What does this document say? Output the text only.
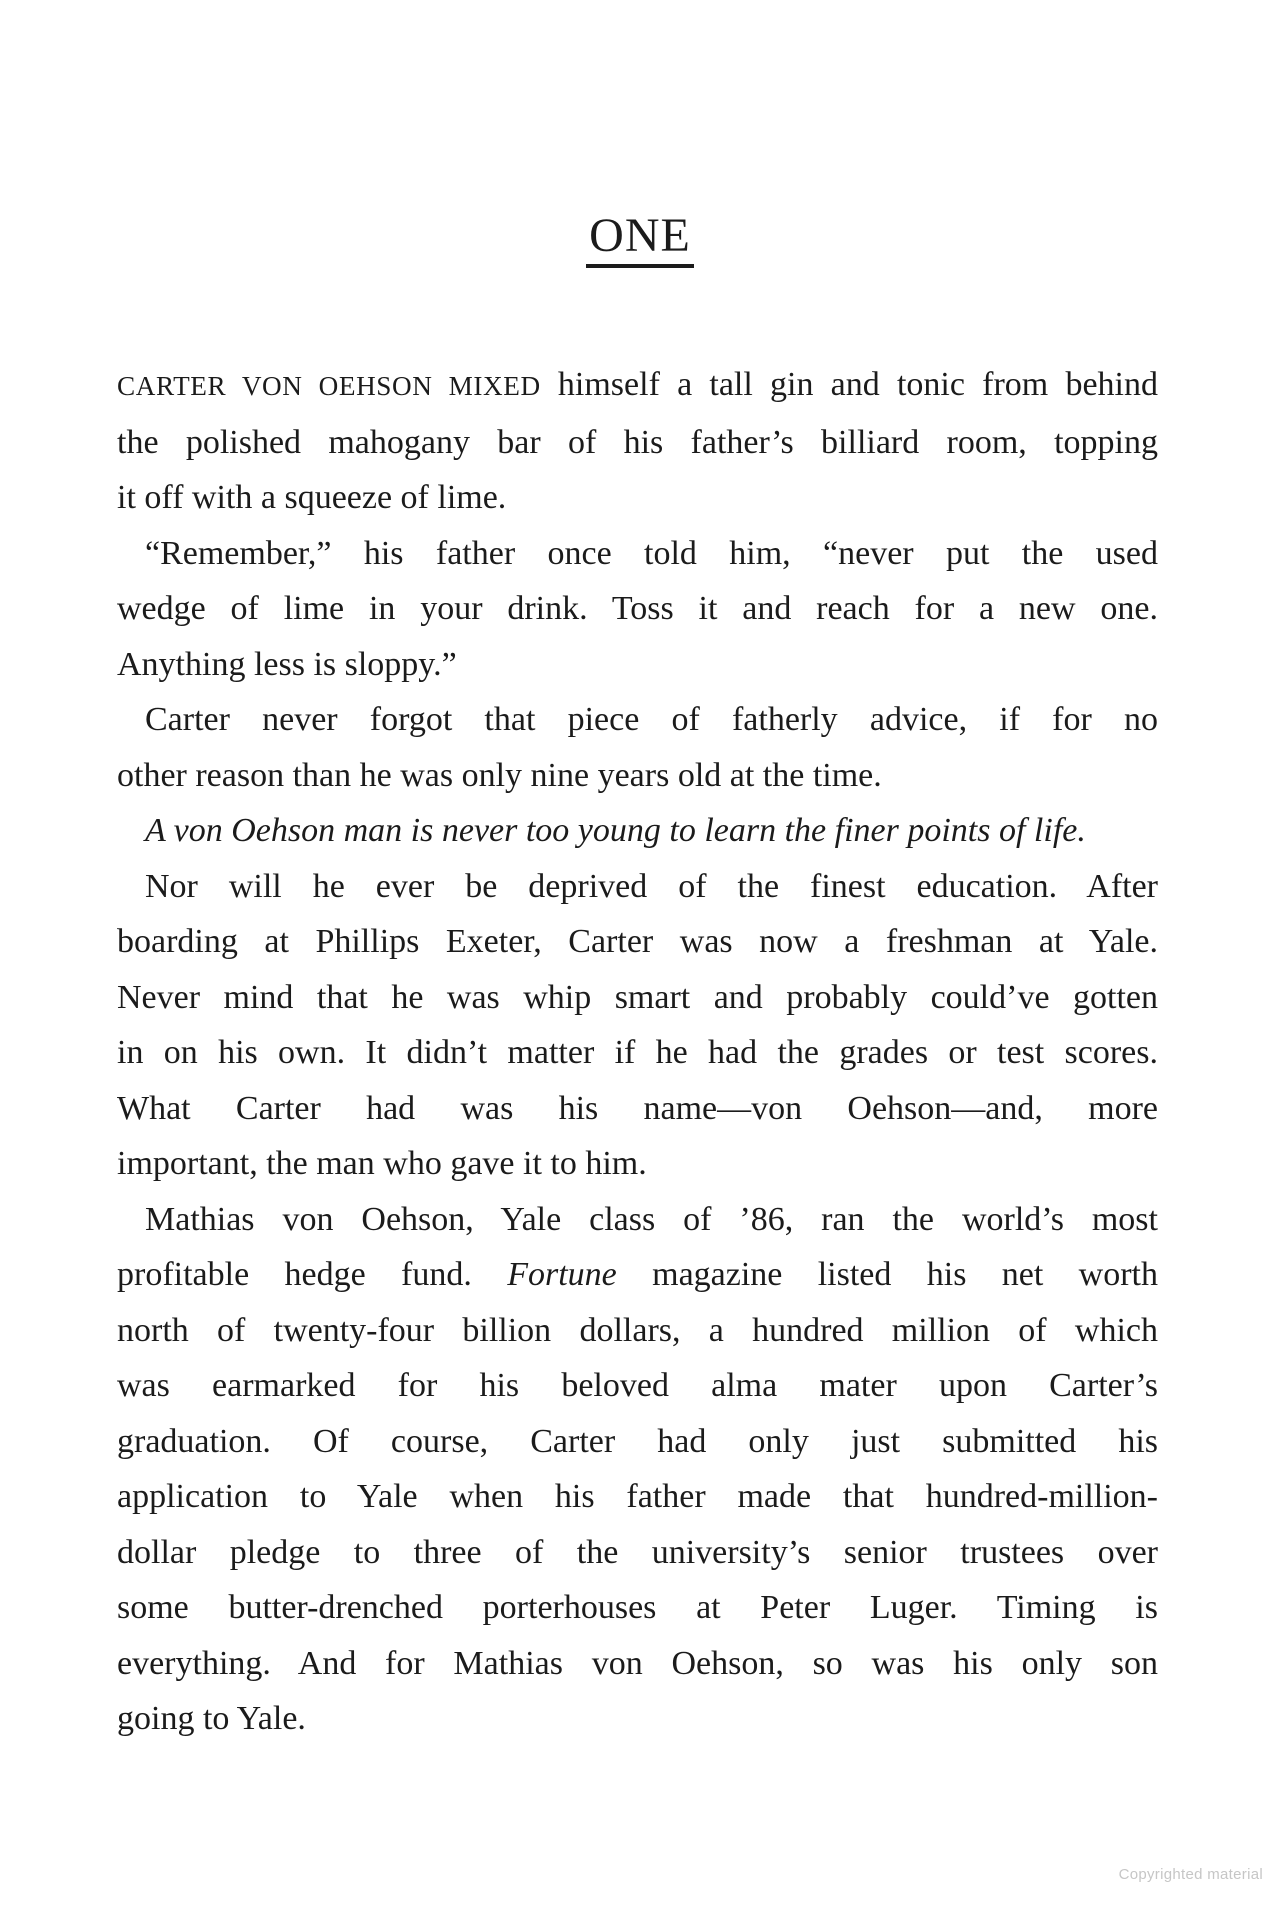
ONE
CARTER VON OEHSON MIXED himself a tall gin and tonic from behind
the polished mahogany bar of his father’s billiard room, topping
it off with a squeeze of lime.
“Remember,” his father once told him, “never put the used
wedge of lime in your drink. Toss it and reach for a new one.
Anything less is sloppy.”
Carter never forgot that piece of fatherly advice, if for no
other reason than he was only nine years old at the time.
A von Oehson man is never too young to learn the finer points of life.
Nor will he ever be deprived of the finest education. After
boarding at Phillips Exeter, Carter was now a freshman at Yale.
Never mind that he was whip smart and probably could’ve gotten
in on his own. It didn’t matter if he had the grades or test scores.
What Carter had was his name—von Oehson—and, more
important, the man who gave it to him.
Mathias von Oehson, Yale class of ’86, ran the world’s most
profitable hedge fund. Fortune magazine listed his net worth
north of twenty-four billion dollars, a hundred million of which
was earmarked for his beloved alma mater upon Carter’s
graduation. Of course, Carter had only just submitted his
application to Yale when his father made that hundred-million-
dollar pledge to three of the university’s senior trustees over
some butter-drenched porterhouses at Peter Luger. Timing is
everything. And for Mathias von Oehson, so was his only son
going to Yale.
Copyrighted material
